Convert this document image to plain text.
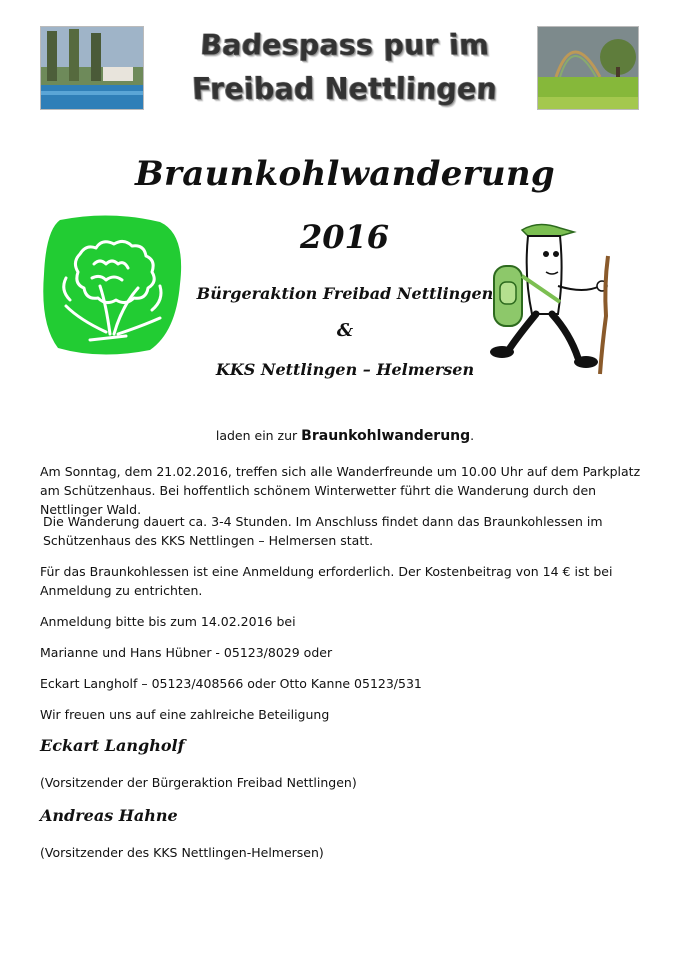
Badespass pur im
Freibad Nettlingen
Braunkohlwanderung
2016
Bürgeraktion Freibad Nettlingen
&
KKS Nettlingen – Helmersen
laden ein zur Braunkohlwanderung.
Am Sonntag, dem 21.02.2016, treffen sich alle Wanderfreunde um 10.00 Uhr auf dem Parkplatz am Schützenhaus. Bei hoffentlich schönem Winterwetter führt die Wanderung durch den Nettlinger Wald.
Die Wanderung dauert ca. 3-4 Stunden. Im Anschluss findet dann das Braunkohlessen im Schützenhaus des KKS Nettlingen – Helmersen statt.
Für das Braunkohlessen ist eine Anmeldung erforderlich. Der Kostenbeitrag von 14 € ist bei Anmeldung zu entrichten.
Anmeldung bitte bis zum 14.02.2016 bei
Marianne und Hans Hübner - 05123/8029 oder
Eckart Langholf – 05123/408566 oder Otto Kanne 05123/531
Wir freuen uns auf eine zahlreiche Beteiligung
Eckart Langholf
(Vorsitzender der Bürgeraktion Freibad Nettlingen)
Andreas Hahne
(Vorsitzender des KKS Nettlingen-Helmersen)
